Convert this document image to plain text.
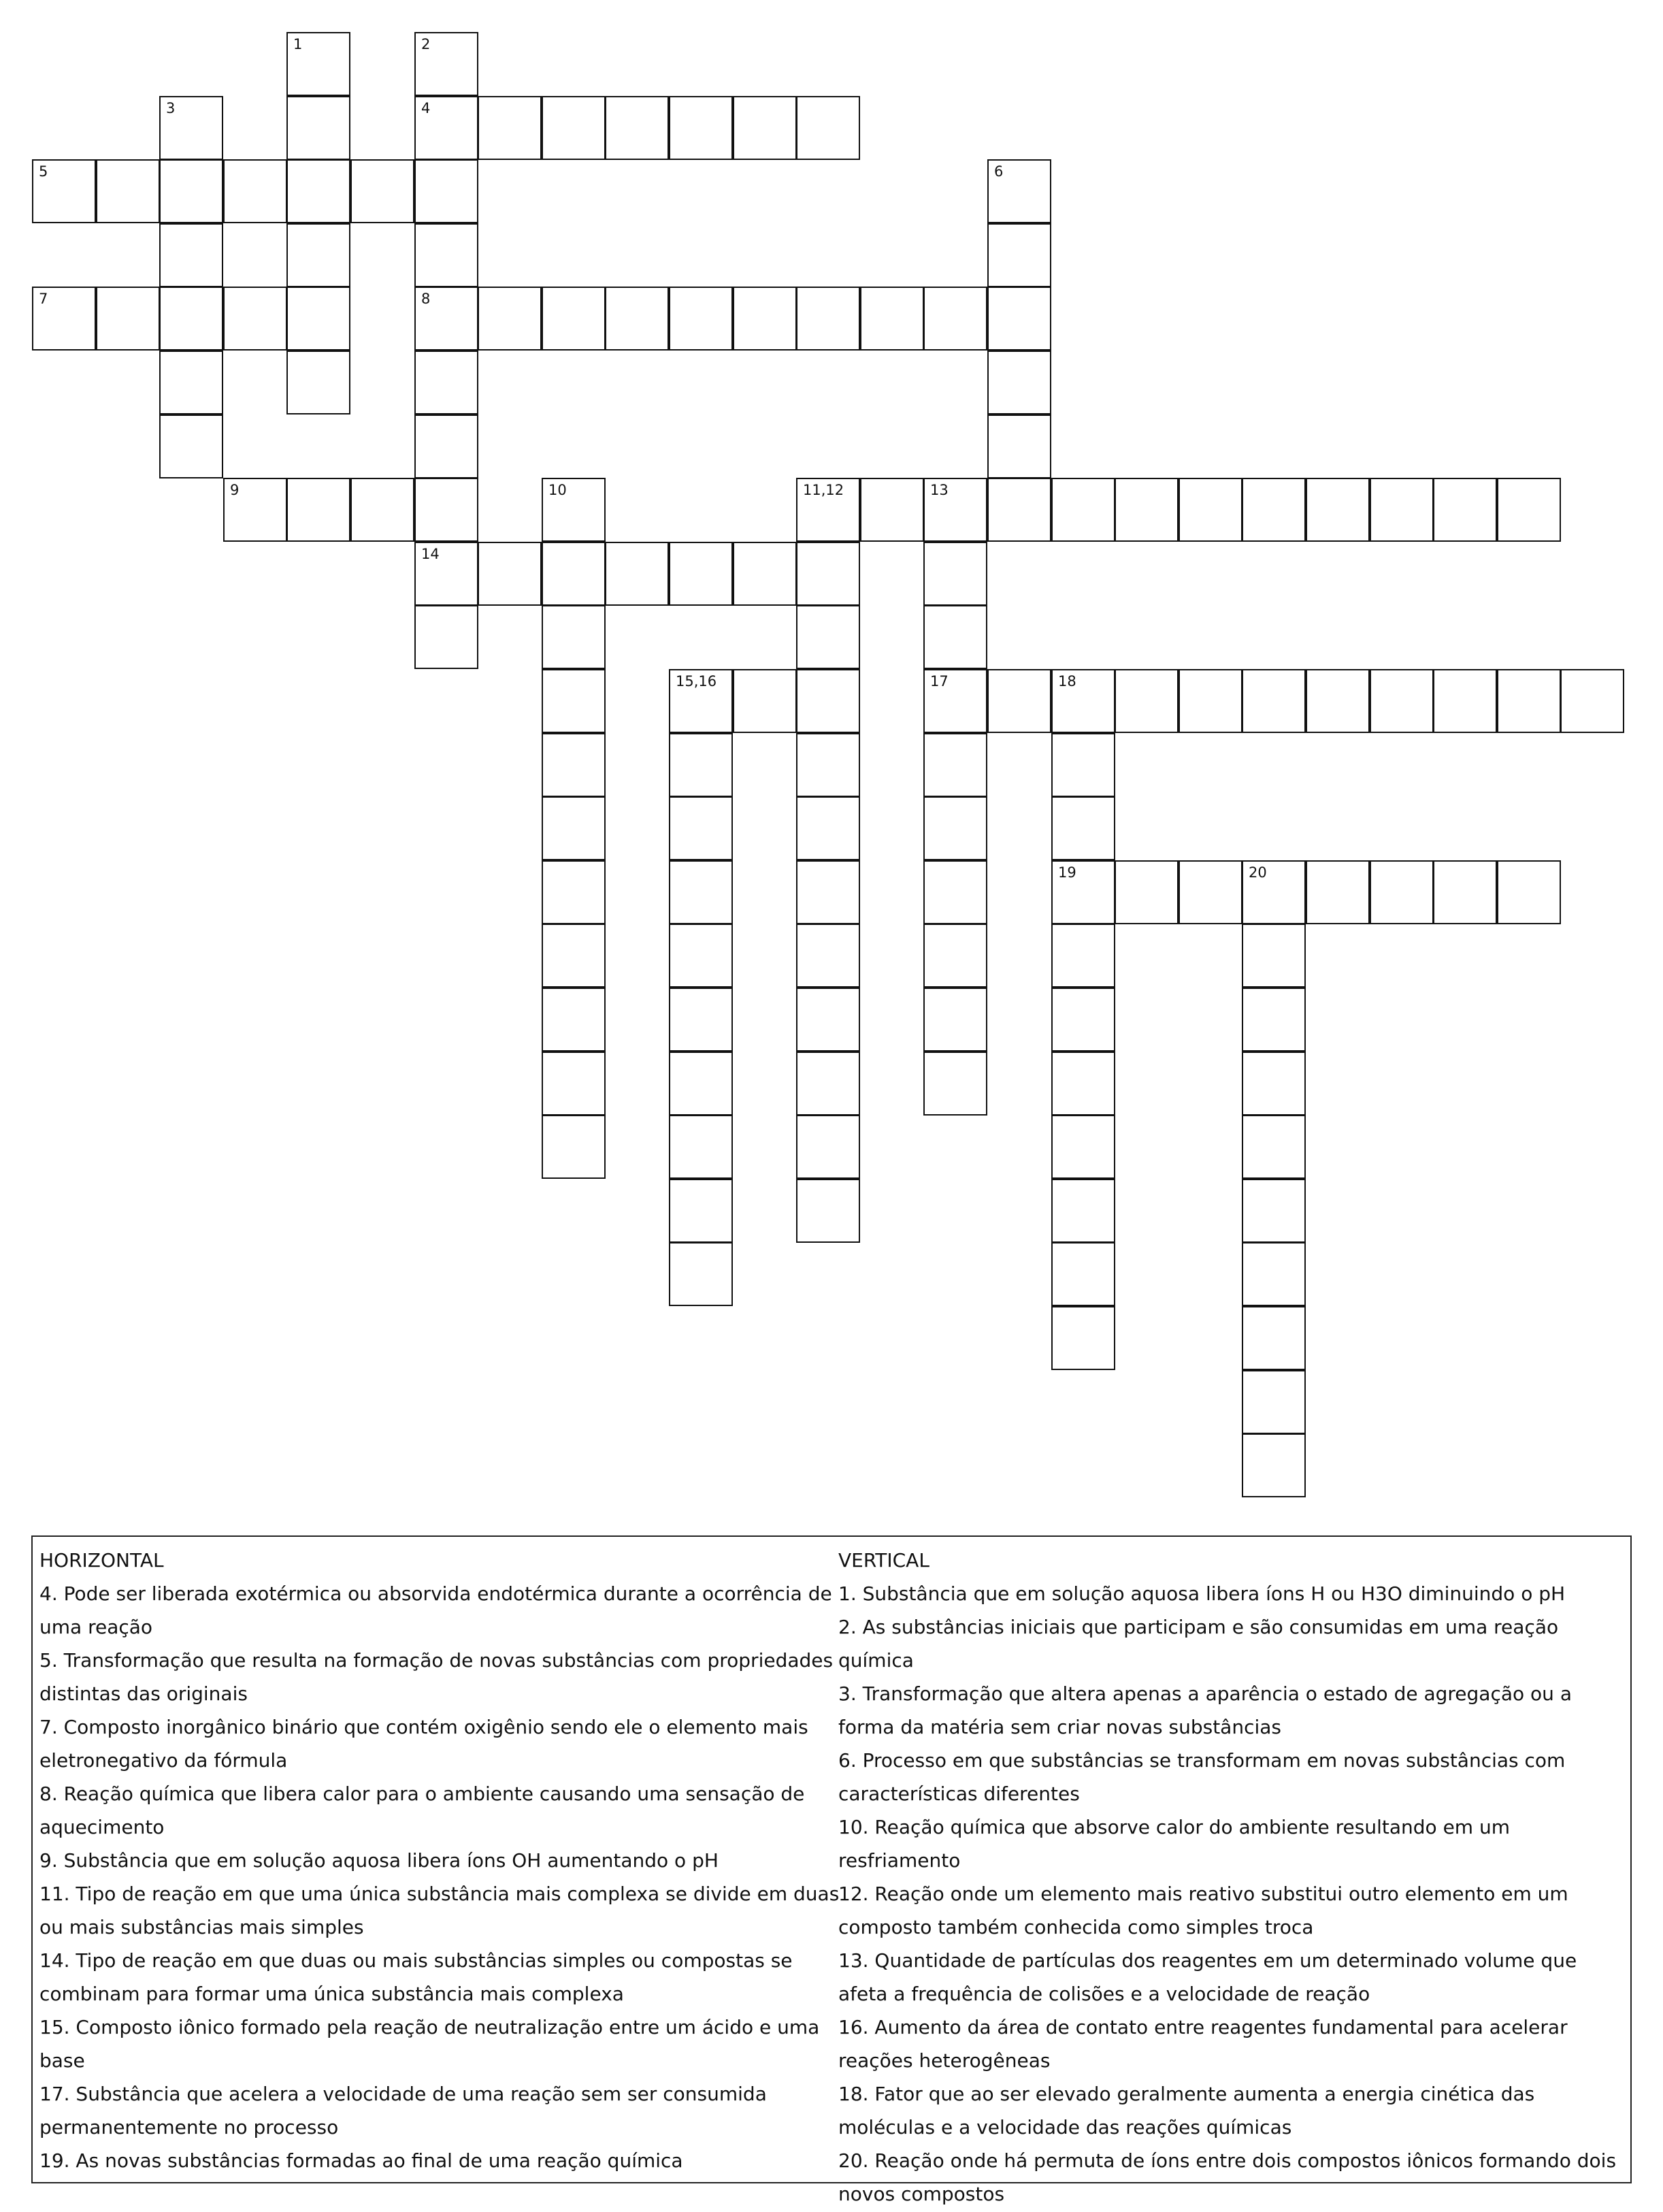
1	2
3	4
5	6
7	8
9	10	11,12	13
14
15,16	17	18
19	20

HORIZONTAL

4. Pode ser liberada exotérmica ou absorvida endotérmica durante a ocorrência de uma reação

5. Transformação que resulta na formação de novas substâncias com propriedades distintas das originais

7. Composto inorgânico binário que contém oxigênio sendo ele o elemento mais eletronegativo da fórmula

8. Reação química que libera calor para o ambiente causando uma sensação de aquecimento

9. Substância que em solução aquosa libera íons OH aumentando o pH

11. Tipo de reação em que uma única substância mais complexa se divide em duas ou mais substâncias mais simples

14. Tipo de reação em que duas ou mais substâncias simples ou compostas se combinam para formar uma única substância mais complexa

15. Composto iônico formado pela reação de neutralização entre um ácido e uma base

17. Substância que acelera a velocidade de uma reação sem ser consumida permanentemente no processo

19. As novas substâncias formadas ao final de uma reação química

VERTICAL

1. Substância que em solução aquosa libera íons H ou H3O diminuindo o pH

2. As substâncias iniciais que participam e são consumidas em uma reação química

3. Transformação que altera apenas a aparência o estado de agregação ou a forma da matéria sem criar novas substâncias

6. Processo em que substâncias se transformam em novas substâncias com características diferentes

10. Reação química que absorve calor do ambiente resultando em um resfriamento

12. Reação onde um elemento mais reativo substitui outro elemento em um composto também conhecida como simples troca

13. Quantidade de partículas dos reagentes em um determinado volume que afeta a frequência de colisões e a velocidade de reação

16. Aumento da área de contato entre reagentes fundamental para acelerar reações heterogêneas

18. Fator que ao ser elevado geralmente aumenta a energia cinética das moléculas e a velocidade das reações químicas

20. Reação onde há permuta de íons entre dois compostos iônicos formando dois novos compostos
